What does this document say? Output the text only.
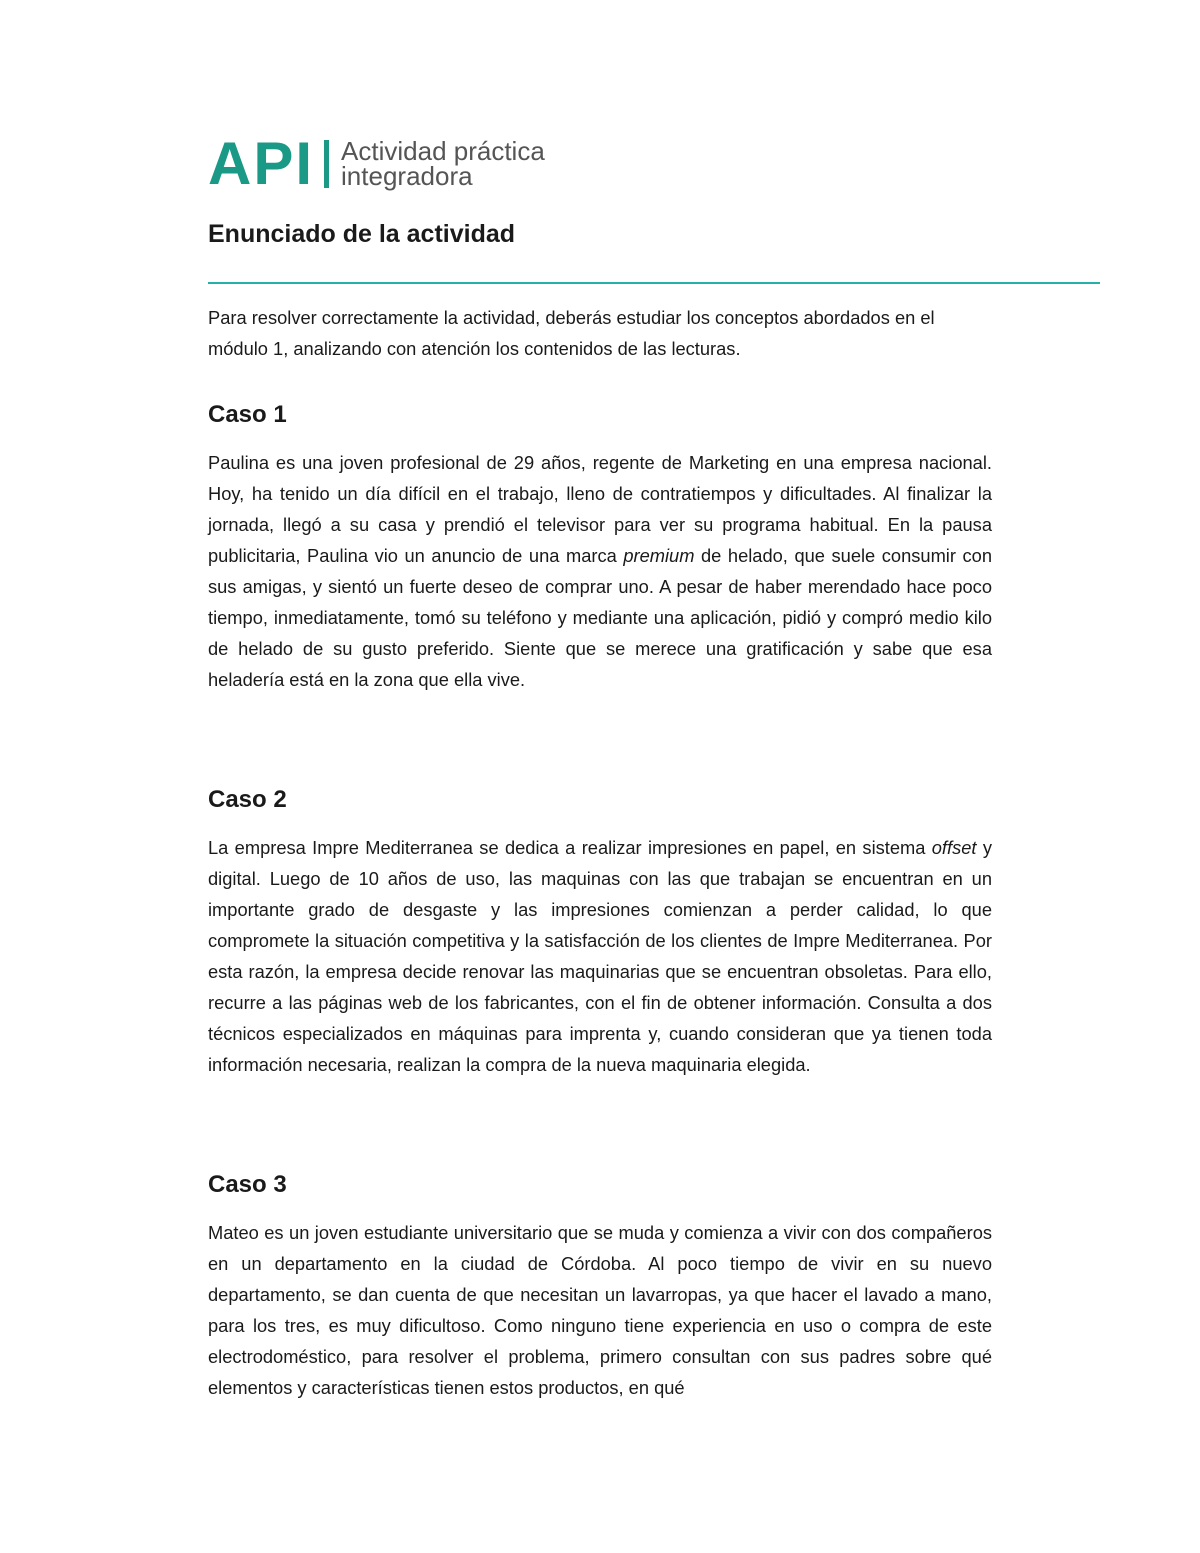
API Actividad práctica
integradora
Enunciado de la actividad

Para resolver correctamente la actividad, deberás estudiar los conceptos abordados en el módulo 1, analizando con atención los contenidos de las lecturas.

Caso 1

Paulina es una joven profesional de 29 años, regente de Marketing en una empresa nacional. Hoy, ha tenido un día difícil en el trabajo, lleno de contratiempos y dificultades. Al finalizar la jornada, llegó a su casa y prendió el televisor para ver su programa habitual. En la pausa publicitaria, Paulina vio un anuncio de una marca premium de helado, que suele consumir con sus amigas, y sientó un fuerte deseo de comprar uno. A pesar de haber merendado hace poco tiempo, inmediatamente, tomó su teléfono y mediante una aplicación, pidió y compró medio kilo de helado de su gusto preferido. Siente que se merece una gratificación y sabe que esa heladería está en la zona que ella vive.

Caso 2

La empresa Impre Mediterranea se dedica a realizar impresiones en papel, en sistema offset y digital. Luego de 10 años de uso, las maquinas con las que trabajan se encuentran en un importante grado de desgaste y las impresiones comienzan a perder calidad, lo que compromete la situación competitiva y la satisfacción de los clientes de Impre Mediterranea. Por esta razón, la empresa decide renovar las maquinarias que se encuentran obsoletas. Para ello, recurre a las páginas web de los fabricantes, con el fin de obtener información. Consulta a dos técnicos especializados en máquinas para imprenta y, cuando consideran que ya tienen toda información necesaria, realizan la compra de la nueva maquinaria elegida.

Caso 3

Mateo es un joven estudiante universitario que se muda y comienza a vivir con dos compañeros en un departamento en la ciudad de Córdoba. Al poco tiempo de vivir en su nuevo departamento, se dan cuenta de que necesitan un lavarropas, ya que hacer el lavado a mano, para los tres, es muy dificultoso. Como ninguno tiene experiencia en uso o compra de este electrodoméstico, para resolver el problema, primero consultan con sus padres sobre qué elementos y características tienen estos productos, en qué
